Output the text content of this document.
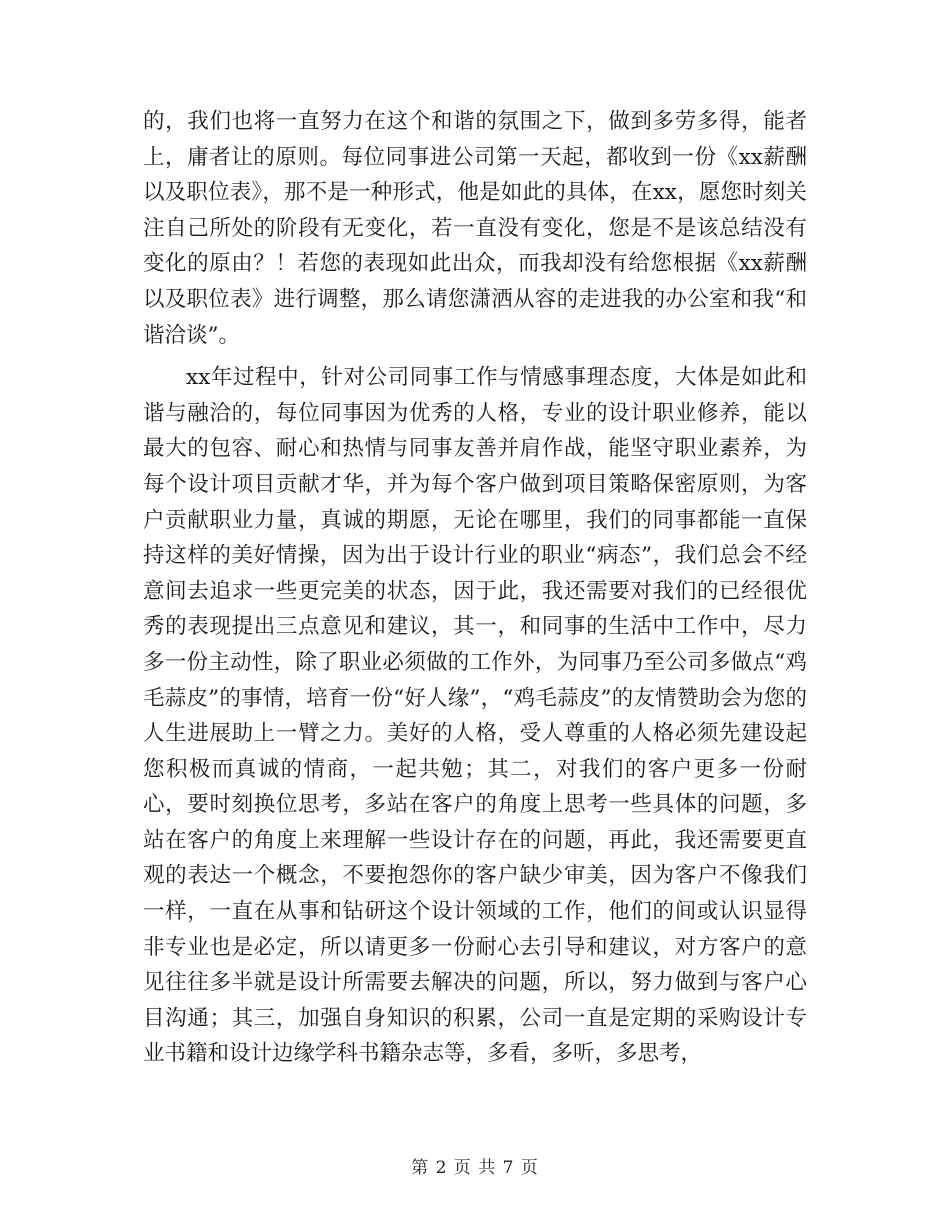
的，我们也将一直努力在这个和谐的氛围之下，做到多劳多得，能者上，庸者让的原则。每位同事进公司第一天起，都收到一份《xx薪酬以及职位表》，那不是一种形式，他是如此的具体，在xx，愿您时刻关注自己所处的阶段有无变化，若一直没有变化，您是不是该总结没有变化的原由？！若您的表现如此出众，而我却没有给您根据《xx薪酬以及职位表》进行调整，那么请您潇洒从容的走进我的办公室和我“和谐洽谈”。

xx年过程中，针对公司同事工作与情感事理态度，大体是如此和谐与融洽的，每位同事因为优秀的人格，专业的设计职业修养，能以最大的包容、耐心和热情与同事友善并肩作战，能坚守职业素养，为每个设计项目贡献才华，并为每个客户做到项目策略保密原则，为客户贡献职业力量，真诚的期愿，无论在哪里，我们的同事都能一直保持这样的美好情操，因为出于设计行业的职业“病态”，我们总会不经意间去追求一些更完美的状态，因于此，我还需要对我们的已经很优秀的表现提出三点意见和建议，其一，和同事的生活中工作中，尽力多一份主动性，除了职业必须做的工作外，为同事乃至公司多做点“鸡毛蒜皮”的事情，培育一份“好人缘”，“鸡毛蒜皮”的友情赞助会为您的人生进展助上一臂之力。美好的人格，受人尊重的人格必须先建设起您积极而真诚的情商，一起共勉；其二，对我们的客户更多一份耐心，要时刻换位思考，多站在客户的角度上思考一些具体的问题，多站在客户的角度上来理解一些设计存在的问题，再此，我还需要更直观的表达一个概念，不要抱怨你的客户缺少审美，因为客户不像我们一样，一直在从事和钻研这个设计领域的工作，他们的间或认识显得非专业也是必定，所以请更多一份耐心去引导和建议，对方客户的意见往往多半就是设计所需要去解决的问题，所以，努力做到与客户心目沟通；其三，加强自身知识的积累，公司一直是定期的采购设计专业书籍和设计边缘学科书籍杂志等，多看，多听，多思考，

第 2 页 共 7 页
